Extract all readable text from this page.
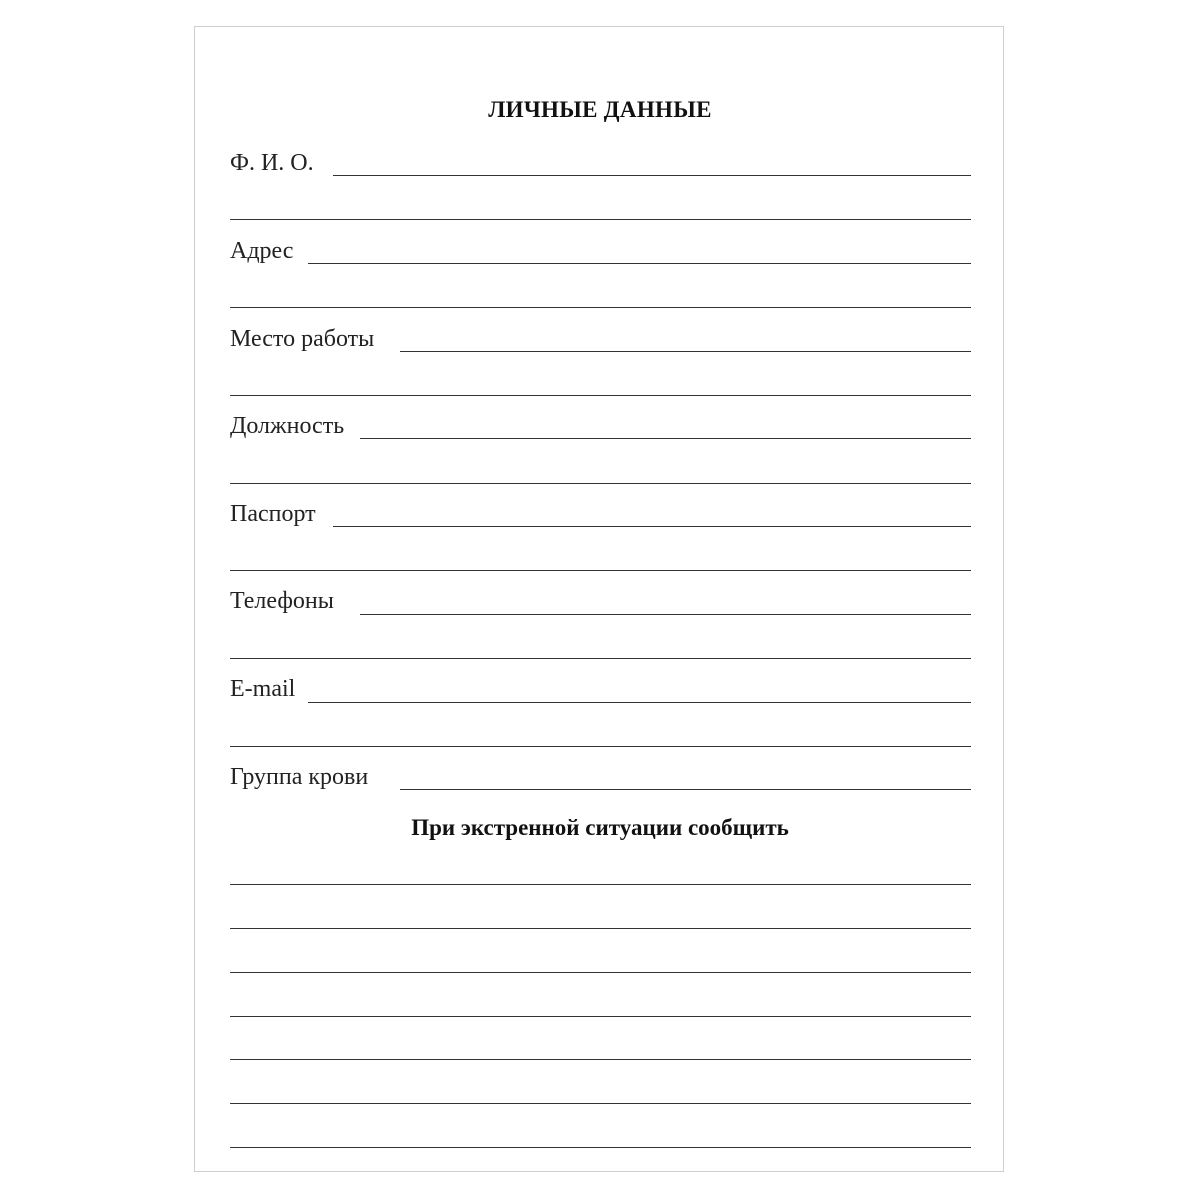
ЛИЧНЫЕ ДАННЫЕ
Ф. И. О.
Адрес
Место работы
Должность
Паспорт
Телефоны
E-mail
Группа крови
При экстренной ситуации сообщить
